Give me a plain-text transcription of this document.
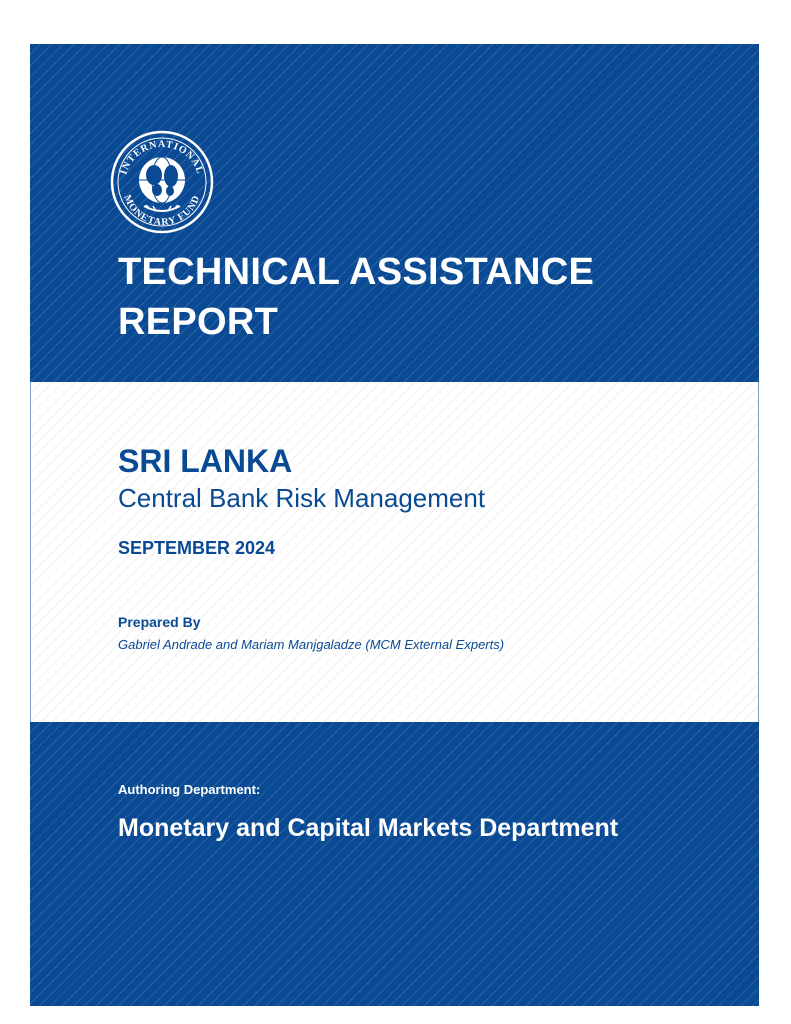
INTERNATIONAL
MONETARY FUND
TECHNICAL ASSISTANCE
REPORT
SRI LANKA
Central Bank Risk Management
SEPTEMBER 2024
Prepared By
Gabriel Andrade and Mariam Manjgaladze (MCM External Experts)
Authoring Department:
Monetary and Capital Markets Department
